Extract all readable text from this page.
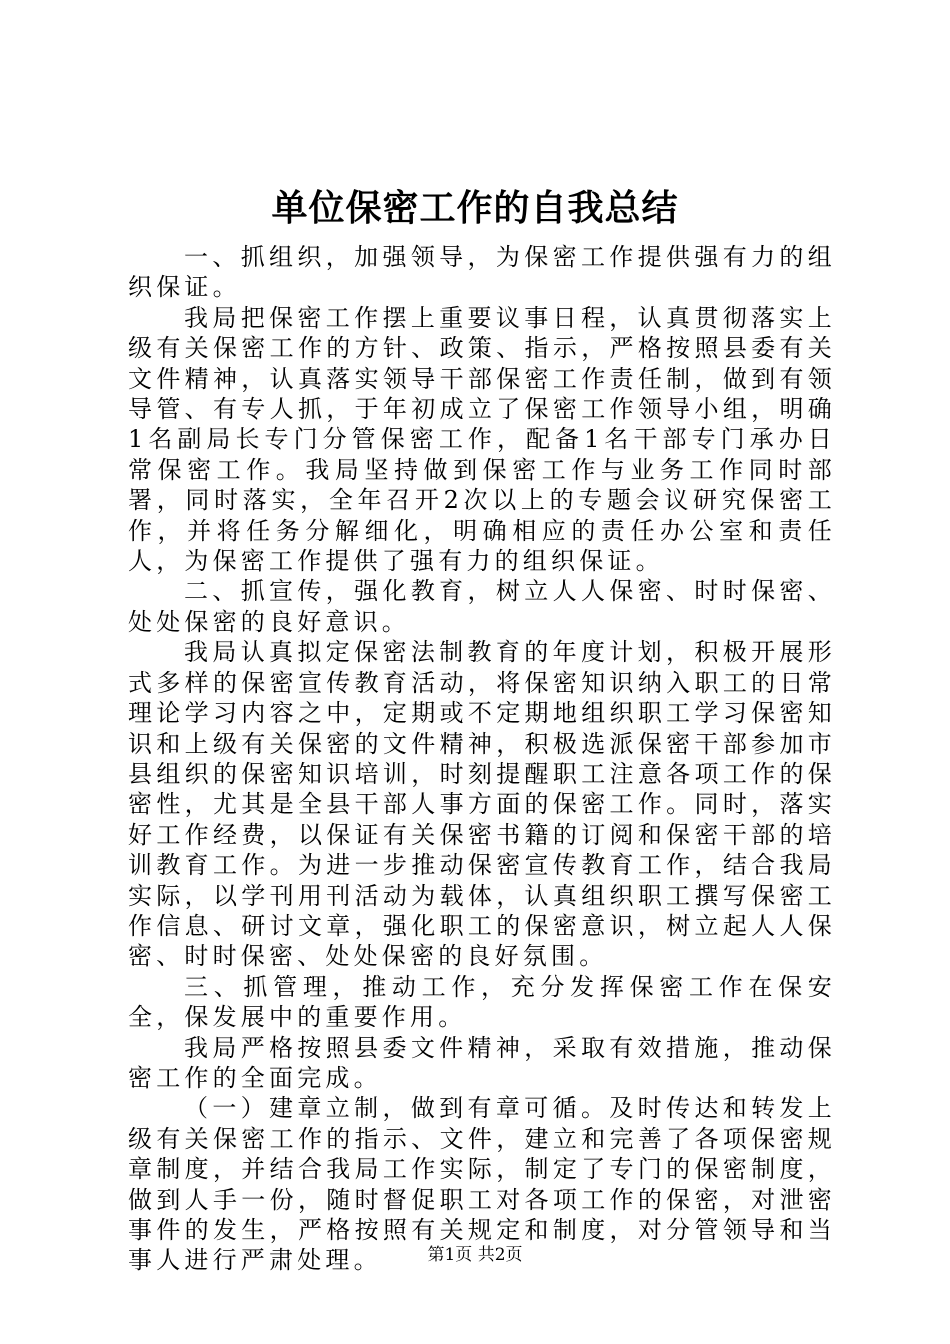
单位保密工作的自我总结

一、抓组织，加强领导，为保密工作提供强有力的组织保证。

我局把保密工作摆上重要议事日程，认真贯彻落实上级有关保密工作的方针、政策、指示，严格按照县委有关文件精神，认真落实领导干部保密工作责任制，做到有领导管、有专人抓，于年初成立了保密工作领导小组，明确1名副局长专门分管保密工作，配备1名干部专门承办日常保密工作。我局坚持做到保密工作与业务工作同时部署，同时落实，全年召开2次以上的专题会议研究保密工作，并将任务分解细化，明确相应的责任办公室和责任人，为保密工作提供了强有力的组织保证。

二、抓宣传，强化教育，树立人人保密、时时保密、处处保密的良好意识。

我局认真拟定保密法制教育的年度计划，积极开展形式多样的保密宣传教育活动，将保密知识纳入职工的日常理论学习内容之中，定期或不定期地组织职工学习保密知识和上级有关保密的文件精神，积极选派保密干部参加市县组织的保密知识培训，时刻提醒职工注意各项工作的保密性，尤其是全县干部人事方面的保密工作。同时，落实好工作经费，以保证有关保密书籍的订阅和保密干部的培训教育工作。为进一步推动保密宣传教育工作，结合我局实际，以学刊用刊活动为载体，认真组织职工撰写保密工作信息、研讨文章，强化职工的保密意识，树立起人人保密、时时保密、处处保密的良好氛围。

三、抓管理，推动工作，充分发挥保密工作在保安全，保发展中的重要作用。

我局严格按照县委文件精神，采取有效措施，推动保密工作的全面完成。

（一）建章立制，做到有章可循。及时传达和转发上级有关保密工作的指示、文件，建立和完善了各项保密规章制度，并结合我局工作实际，制定了专门的保密制度，做到人手一份，随时督促职工对各项工作的保密，对泄密事件的发生，严格按照有关规定和制度，对分管领导和当事人进行严肃处理。	第1页 共2页
